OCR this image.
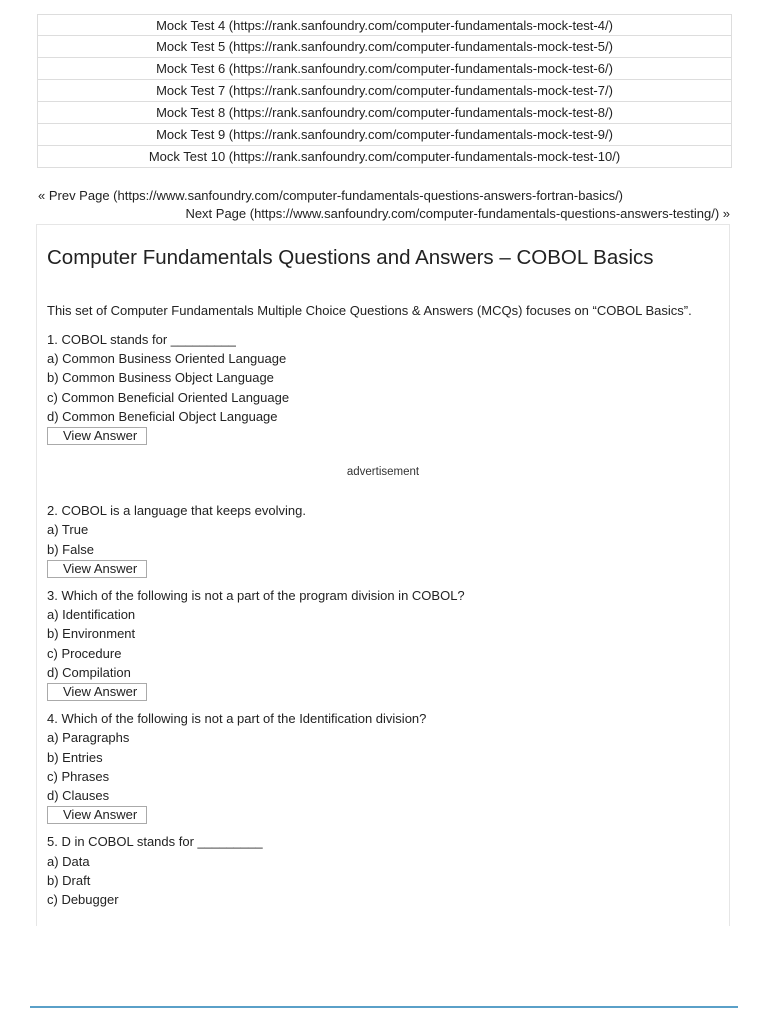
Mock Test 4 (https://rank.sanfoundry.com/computer-fundamentals-mock-test-4/)
Mock Test 5 (https://rank.sanfoundry.com/computer-fundamentals-mock-test-5/)
Mock Test 6 (https://rank.sanfoundry.com/computer-fundamentals-mock-test-6/)
Mock Test 7 (https://rank.sanfoundry.com/computer-fundamentals-mock-test-7/)
Mock Test 8 (https://rank.sanfoundry.com/computer-fundamentals-mock-test-8/)
Mock Test 9 (https://rank.sanfoundry.com/computer-fundamentals-mock-test-9/)
Mock Test 10 (https://rank.sanfoundry.com/computer-fundamentals-mock-test-10/)
« Prev Page (https://www.sanfoundry.com/computer-fundamentals-questions-answers-fortran-basics/)
Next Page (https://www.sanfoundry.com/computer-fundamentals-questions-answers-testing/) »
Computer Fundamentals Questions and Answers – COBOL Basics

This set of Computer Fundamentals Multiple Choice Questions & Answers (MCQs) focuses on “COBOL Basics”.

1. COBOL stands for _________

a) Common Business Oriented Language

b) Common Business Object Language

c) Common Beneficial Oriented Language

d) Common Beneficial Object Language

View Answer
advertisement

2. COBOL is a language that keeps evolving.

a) True

b) False

View Answer

3. Which of the following is not a part of the program division in COBOL?

a) Identification

b) Environment

c) Procedure

d) Compilation

View Answer

4. Which of the following is not a part of the Identification division?

a) Paragraphs

b) Entries

c) Phrases

d) Clauses

View Answer

5. D in COBOL stands for _________

a) Data

b) Draft

c) Debugger
